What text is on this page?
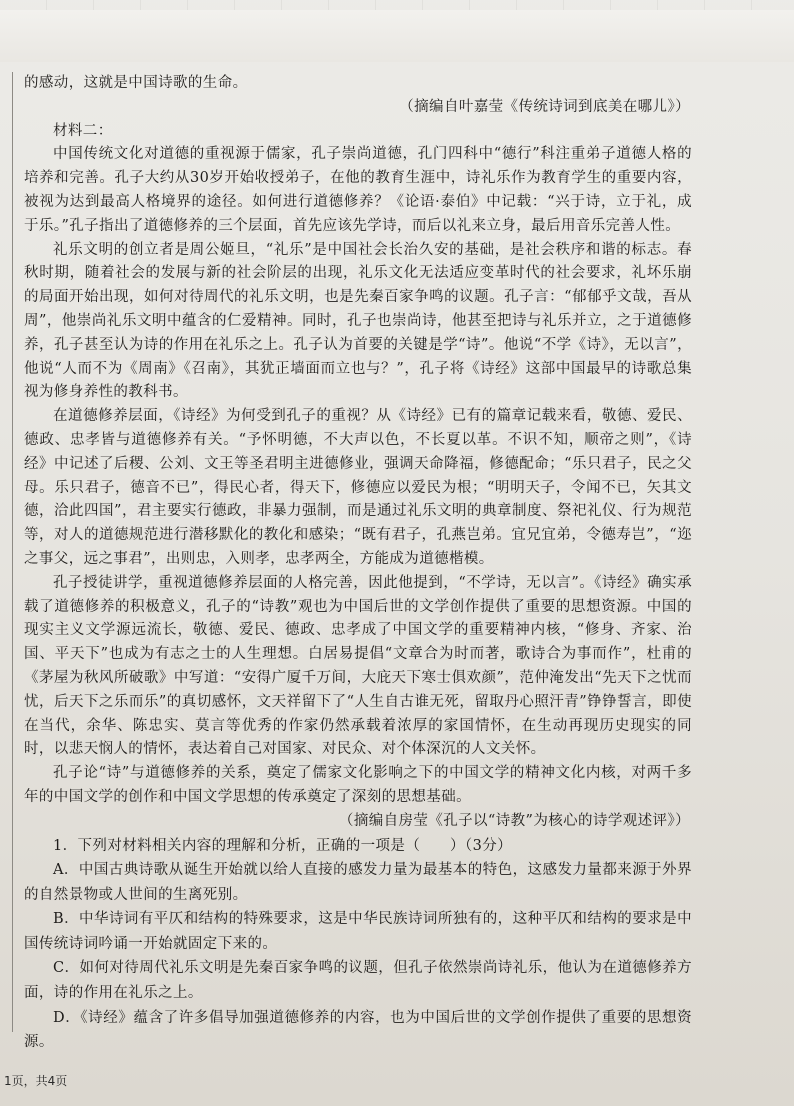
的感动，这就是中国诗歌的生命。

（摘编自叶嘉莹《传统诗词到底美在哪儿》）

材料二：

中国传统文化对道德的重视源于儒家，孔子崇尚道德，孔门四科中“德行”科注重弟子道德人格的培养和完善。孔子大约从30岁开始收授弟子，在他的教育生涯中，诗礼乐作为教育学生的重要内容，被视为达到最高人格境界的途径。如何进行道德修养？《论语·泰伯》中记载：“兴于诗，立于礼，成于乐。”孔子指出了道德修养的三个层面，首先应该先学诗，而后以礼来立身，最后用音乐完善人性。

礼乐文明的创立者是周公姬旦，“礼乐”是中国社会长治久安的基础，是社会秩序和谐的标志。春秋时期，随着社会的发展与新的社会阶层的出现，礼乐文化无法适应变革时代的社会要求，礼坏乐崩的局面开始出现，如何对待周代的礼乐文明，也是先秦百家争鸣的议题。孔子言：“郁郁乎文哉，吾从周”，他崇尚礼乐文明中蕴含的仁爱精神。同时，孔子也崇尚诗，他甚至把诗与礼乐并立，之于道德修养，孔子甚至认为诗的作用在礼乐之上。孔子认为首要的关键是学“诗”。他说“不学《诗》，无以言”，他说“人而不为《周南》《召南》，其犹正墙面而立也与？”，孔子将《诗经》这部中国最早的诗歌总集视为修身养性的教科书。

在道德修养层面，《诗经》为何受到孔子的重视？从《诗经》已有的篇章记载来看，敬德、爱民、德政、忠孝皆与道德修养有关。“予怀明德，不大声以色，不长夏以革。不识不知，顺帝之则”，《诗经》中记述了后稷、公刘、文王等圣君明主进德修业，强调天命降福，修德配命；“乐只君子，民之父母。乐只君子，德音不已”，得民心者，得天下，修德应以爱民为根；“明明天子，令闻不已，矢其文德，洽此四国”，君主要实行德政，非暴力强制，而是通过礼乐文明的典章制度、祭祀礼仪、行为规范等，对人的道德规范进行潜移默化的教化和感染；“既有君子，孔燕岂弟。宜兄宜弟，令德寿岂”，“迩之事父，远之事君”，出则忠，入则孝，忠孝两全，方能成为道德楷模。

孔子授徒讲学，重视道德修养层面的人格完善，因此他提到，“不学诗，无以言”。《诗经》确实承载了道德修养的积极意义，孔子的“诗教”观也为中国后世的文学创作提供了重要的思想资源。中国的现实主义文学源远流长，敬德、爱民、德政、忠孝成了中国文学的重要精神内核，“修身、齐家、治国、平天下”也成为有志之士的人生理想。白居易提倡“文章合为时而著，歌诗合为事而作”，杜甫的《茅屋为秋风所破歌》中写道：“安得广厦千万间，大庇天下寒士俱欢颜”，范仲淹发出“先天下之忧而忧，后天下之乐而乐”的真切感怀，文天祥留下了“人生自古谁无死，留取丹心照汗青”铮铮誓言，即使在当代，余华、陈忠实、莫言等优秀的作家仍然承载着浓厚的家国情怀，在生动再现历史现实的同时，以悲天悯人的情怀，表达着自己对国家、对民众、对个体深沉的人文关怀。

孔子论“诗”与道德修养的关系，奠定了儒家文化影响之下的中国文学的精神文化内核，对两千多年的中国文学的创作和中国文学思想的传承奠定了深刻的思想基础。

（摘编自房莹《孔子以“诗教”为核心的诗学观述评》）

1．下列对材料相关内容的理解和分析，正确的一项是（　　）（3分）

A．中国古典诗歌从诞生开始就以给人直接的感发力量为最基本的特色，这感发力量都来源于外界的自然景物或人世间的生离死别。

B．中华诗词有平仄和结构的特殊要求，这是中华民族诗词所独有的，这种平仄和结构的要求是中国传统诗词吟诵一开始就固定下来的。

C．如何对待周代礼乐文明是先秦百家争鸣的议题，但孔子依然崇尚诗礼乐，他认为在道德修养方面，诗的作用在礼乐之上。

D．《诗经》蕴含了许多倡导加强道德修养的内容，也为中国后世的文学创作提供了重要的思想资源。

1页，共4页
